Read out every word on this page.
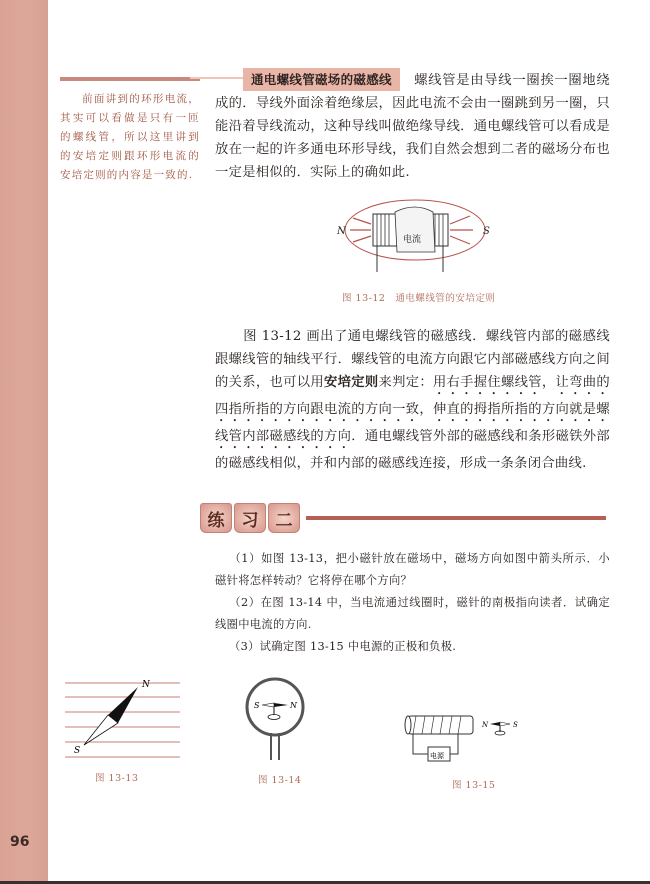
96
前面讲到的环形电流，其实可以看做是只有一匝的螺线管，所以这里讲到的安培定则跟环形电流的安培定则的内容是一致的.
通电螺线管磁场的磁感线 螺线管是由导线一圈挨一圈地绕成的．导线外面涂着绝缘层，因此电流不会由一圈跳到另一圈，只能沿着导线流动，这种导线叫做绝缘导线．通电螺线管可以看成是放在一起的许多通电环形导线，我们自然会想到二者的磁场分布也一定是相似的．实际上的确如此.
N	S
电流
图 13-12　通电螺线管的安培定则
图 13-12 画出了通电螺线管的磁感线．螺线管内部的磁感线跟螺线管的轴线平行．螺线管的电流方向跟它内部磁感线方向之间的关系，也可以用安培定则来判定：用右手握住螺线管，让弯曲的四指所指的方向跟电流的方向一致，伸直的拇指所指的方向就是螺线管内部磁感线的方向．通电螺线管外部的磁感线和条形磁铁外部的磁感线相似，并和内部的磁感线连接，形成一条条闭合曲线.
练	习	二
（1）如图 13-13，把小磁针放在磁场中，磁场方向如图中箭头所示．小磁针将怎样转动？它将停在哪个方向？
（2）在图 13-14 中，当电流通过线圈时，磁针的南极指向读者．试确定线圈中电流的方向.
（3）试确定图 13-15 中电源的正极和负极.
N
S
图 13-13
S	N
图 13-14
电源
N	S
图 13-15
